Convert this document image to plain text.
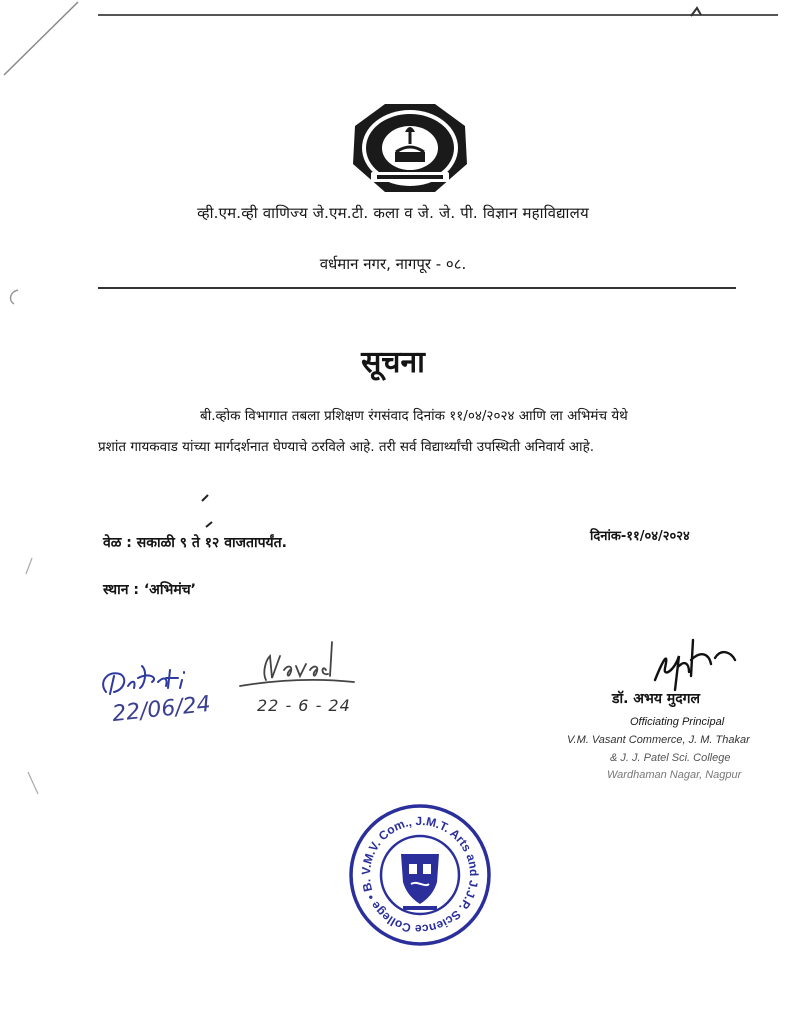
व्ही.एम.व्ही वाणिज्य जे.एम.टी. कला व जे. जे. पी. विज्ञान महाविद्यालय
वर्धमान नगर, नागपूर - ०८.
सूचना
बी.व्होक विभागात तबला प्रशिक्षण रंगसंवाद दिनांक ११/०४/२०२४ आणि ला अभिमंच येथे
प्रशांत गायकवाड यांच्या मार्गदर्शनात घेण्याचे ठरविले आहे. तरी सर्व विद्यार्थ्यांची उपस्थिती अनिवार्य आहे.
वेळ : सकाळी ९ ते १२ वाजतापर्यंत.	दिनांक-११/०४/२०२४
स्थान : ‘अभिमंच’
22/06/24	22 - 6 - 24	डॉ. अभय मुदगल
Officiating Principal
V.M. Vasant Commerce, J. M. Thakar
& J. J. Patel Sci. College
Wardhaman Nagar, Nagpur
V.M.V. Com., J.M.T. Arts and J.J.P. Science College • B.
